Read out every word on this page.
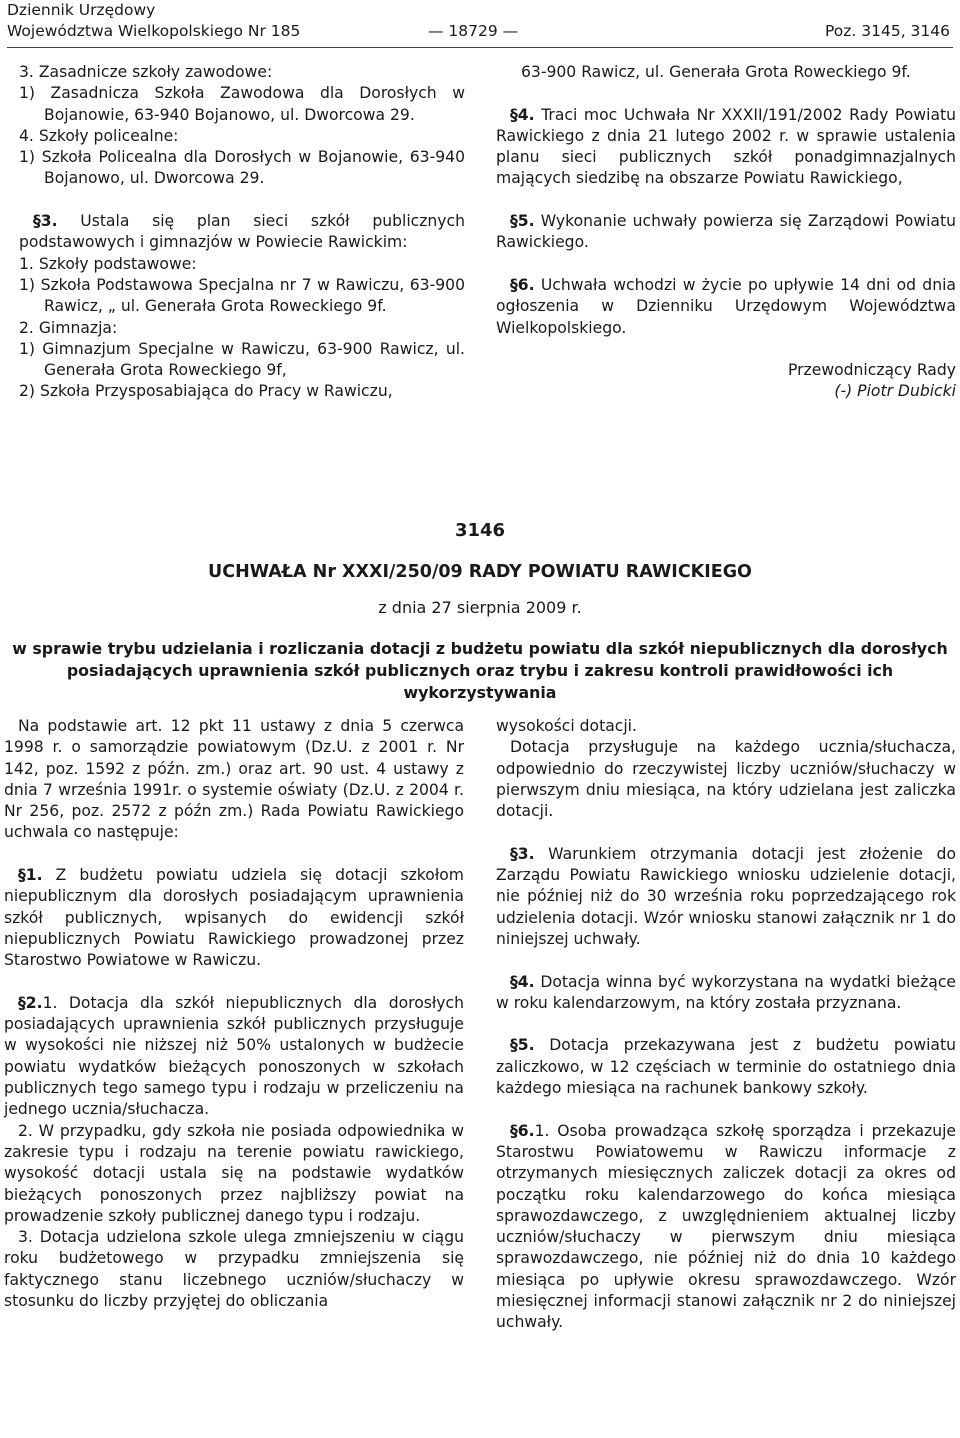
Dziennik Urzędowy
Województwa Wielkopolskiego Nr 185	— 18729 —	Poz. 3145, 3146

3. Zasadnicze szkoły zawodowe:

1) Zasadnicza Szkoła Zawodowa dla Dorosłych w Bojanowie, 63-940 Bojanowo, ul. Dworcowa 29.

4. Szkoły policealne:

1) Szkoła Policealna dla Dorosłych w Bojanowie, 63-940 Bojanowo, ul. Dworcowa 29.

§3. Ustala się plan sieci szkół publicznych podstawowych i gimnazjów w Powiecie Rawickim:

1. Szkoły podstawowe:

1) Szkoła Podstawowa Specjalna nr 7 w Rawiczu, 63-900 Rawicz, „ ul. Generała Grota Roweckiego 9f.

2. Gimnazja:

1) Gimnazjum Specjalne w Rawiczu, 63-900 Rawicz, ul. Generała Grota Roweckiego 9f,

2) Szkoła Przysposabiająca do Pracy w Rawiczu,

63-900 Rawicz, ul. Generała Grota Roweckiego 9f.

§4. Traci moc Uchwała Nr XXXII/191/2002 Rady Powiatu Rawickiego z dnia 21 lutego 2002 r. w sprawie ustalenia planu sieci publicznych szkół ponadgimnazjalnych mających siedzibę na obszarze Powiatu Rawickiego,

§5. Wykonanie uchwały powierza się Zarządowi Powiatu Rawickiego.

§6. Uchwała wchodzi w życie po upływie 14 dni od dnia ogłoszenia w Dzienniku Urzędowym Województwa Wielkopolskiego.

Przewodniczący Rady

(-) Piotr Dubicki

3146
UCHWAŁA Nr XXXI/250/09 RADY POWIATU RAWICKIEGO
z dnia 27 sierpnia 2009 r.
w sprawie trybu udzielania i rozliczania dotacji z budżetu powiatu dla szkół niepublicznych dla dorosłych posiadających uprawnienia szkół publicznych oraz trybu i zakresu kontroli prawidłowości ich wykorzystywania

Na podstawie art. 12 pkt 11 ustawy z dnia 5 czerwca 1998 r. o samorządzie powiatowym (Dz.U. z 2001 r. Nr 142, poz. 1592 z późn. zm.) oraz art. 90 ust. 4 ustawy z dnia 7 września 1991r. o systemie oświaty (Dz.U. z 2004 r. Nr 256, poz. 2572 z późn zm.) Rada Powiatu Rawickiego uchwala co następuje:

§1. Z budżetu powiatu udziela się dotacji szkołom niepublicznym dla dorosłych posiadającym uprawnienia szkół publicznych, wpisanych do ewidencji szkół niepublicznych Powiatu Rawickiego prowadzonej przez Starostwo Powiatowe w Rawiczu.

§2.1. Dotacja dla szkół niepublicznych dla dorosłych posiadających uprawnienia szkół publicznych przysługuje w wysokości nie niższej niż 50% ustalonych w budżecie powiatu wydatków bieżących ponoszonych w szkołach publicznych tego samego typu i rodzaju w przeliczeniu na jednego ucznia/słuchacza.

2. W przypadku, gdy szkoła nie posiada odpowiednika w zakresie typu i rodzaju na terenie powiatu rawickiego, wysokość dotacji ustala się na podstawie wydatków bieżących ponoszonych przez najbliższy powiat na prowadzenie szkoły publicznej danego typu i rodzaju.

3. Dotacja udzielona szkole ulega zmniejszeniu w ciągu roku budżetowego w przypadku zmniejszenia się faktycznego stanu liczebnego uczniów/słuchaczy w stosunku do liczby przyjętej do obliczania

wysokości dotacji.

Dotacja przysługuje na każdego ucznia/słuchacza, odpowiednio do rzeczywistej liczby uczniów/słuchaczy w pierwszym dniu miesiąca, na który udzielana jest zaliczka dotacji.

§3. Warunkiem otrzymania dotacji jest złożenie do Zarządu Powiatu Rawickiego wniosku udzielenie dotacji, nie później niż do 30 września roku poprzedzającego rok udzielenia dotacji. Wzór wniosku stanowi załącznik nr 1 do niniejszej uchwały.

§4. Dotacja winna być wykorzystana na wydatki bieżące w roku kalendarzowym, na który została przyznana.

§5. Dotacja przekazywana jest z budżetu powiatu zaliczkowo, w 12 częściach w terminie do ostatniego dnia każdego miesiąca na rachunek bankowy szkoły.

§6.1. Osoba prowadząca szkołę sporządza i przekazuje Starostwu Powiatowemu w Rawiczu informacje z otrzymanych miesięcznych zaliczek dotacji za okres od początku roku kalendarzowego do końca miesiąca sprawozdawczego, z uwzględnieniem aktualnej liczby uczniów/słuchaczy w pierwszym dniu miesiąca sprawozdawczego, nie później niż do dnia 10 każdego miesiąca po upływie okresu sprawozdawczego. Wzór miesięcznej informacji stanowi załącznik nr 2 do niniejszej uchwały.
